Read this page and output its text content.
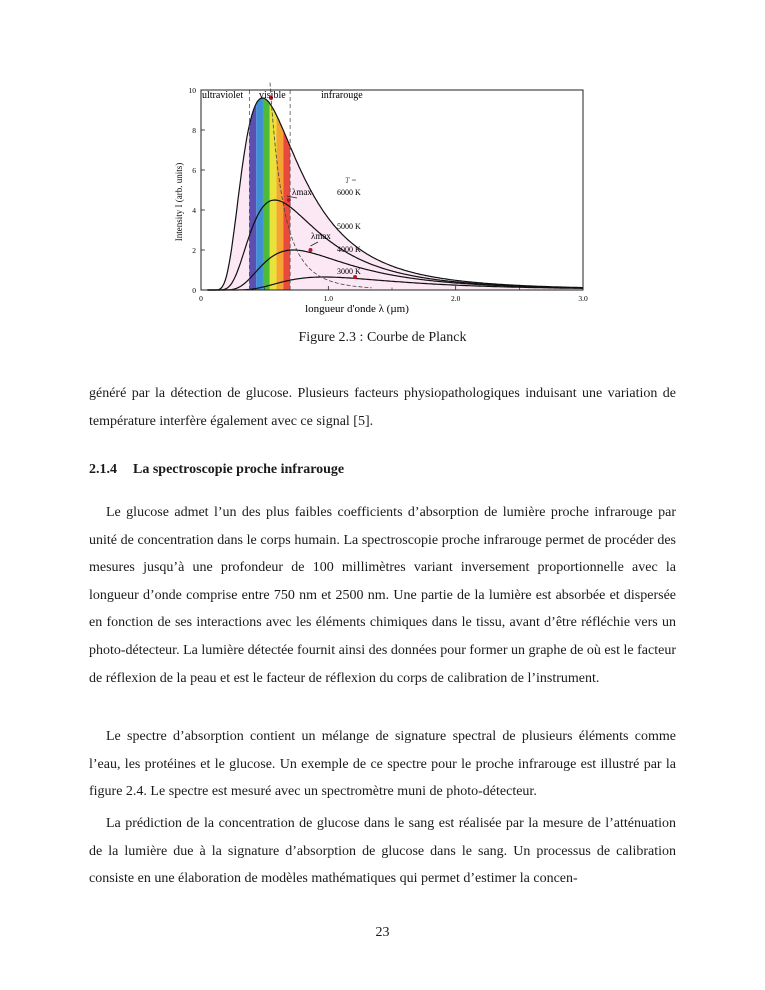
0
2
4
6
8
10
0	1.0	2.0	3.0
Intensity I (arb. units)
longueur d'onde λ (µm)
ultraviolet visible	infrarouge
T =
6000 K
5000 K
4000 K
3000 K
λmax
λmax
Figure 2.3 : Courbe de Planck

généré par la détection de glucose. Plusieurs facteurs physiopathologiques induisant une variation de température interfère également avec ce signal [5].

2.1.4 La spectroscopie proche infrarouge

Le glucose admet l’un des plus faibles coefficients d’absorption de lumière proche infrarouge par unité de concentration dans le corps humain. La spectroscopie proche infrarouge permet de procéder des mesures jusqu’à une profondeur de 100 millimètres variant inversement proportionnelle avec la longueur d’onde comprise entre 750 nm et 2500 nm. Une partie de la lumière est absorbée et dispersée en fonction de ses interactions avec les éléments chimiques dans le tissu, avant d’être réfléchie vers un photo-détecteur. La lumière détectée fournit ainsi des données pour former un graphe de où est le facteur de réflexion de la peau et est le facteur de réflexion du corps de calibration de l’instrument.

Le spectre d’absorption contient un mélange de signature spectral de plusieurs éléments comme l’eau, les protéines et le glucose. Un exemple de ce spectre pour le proche infrarouge est illustré par la figure 2.4. Le spectre est mesuré avec un spectromètre muni de photo-détecteur.

La prédiction de la concentration de glucose dans le sang est réalisée par la mesure de l’atténuation de la lumière due à la signature d’absorption de glucose dans le sang. Un processus de calibration consiste en une élaboration de modèles mathématiques qui permet d’estimer la concen-

23
